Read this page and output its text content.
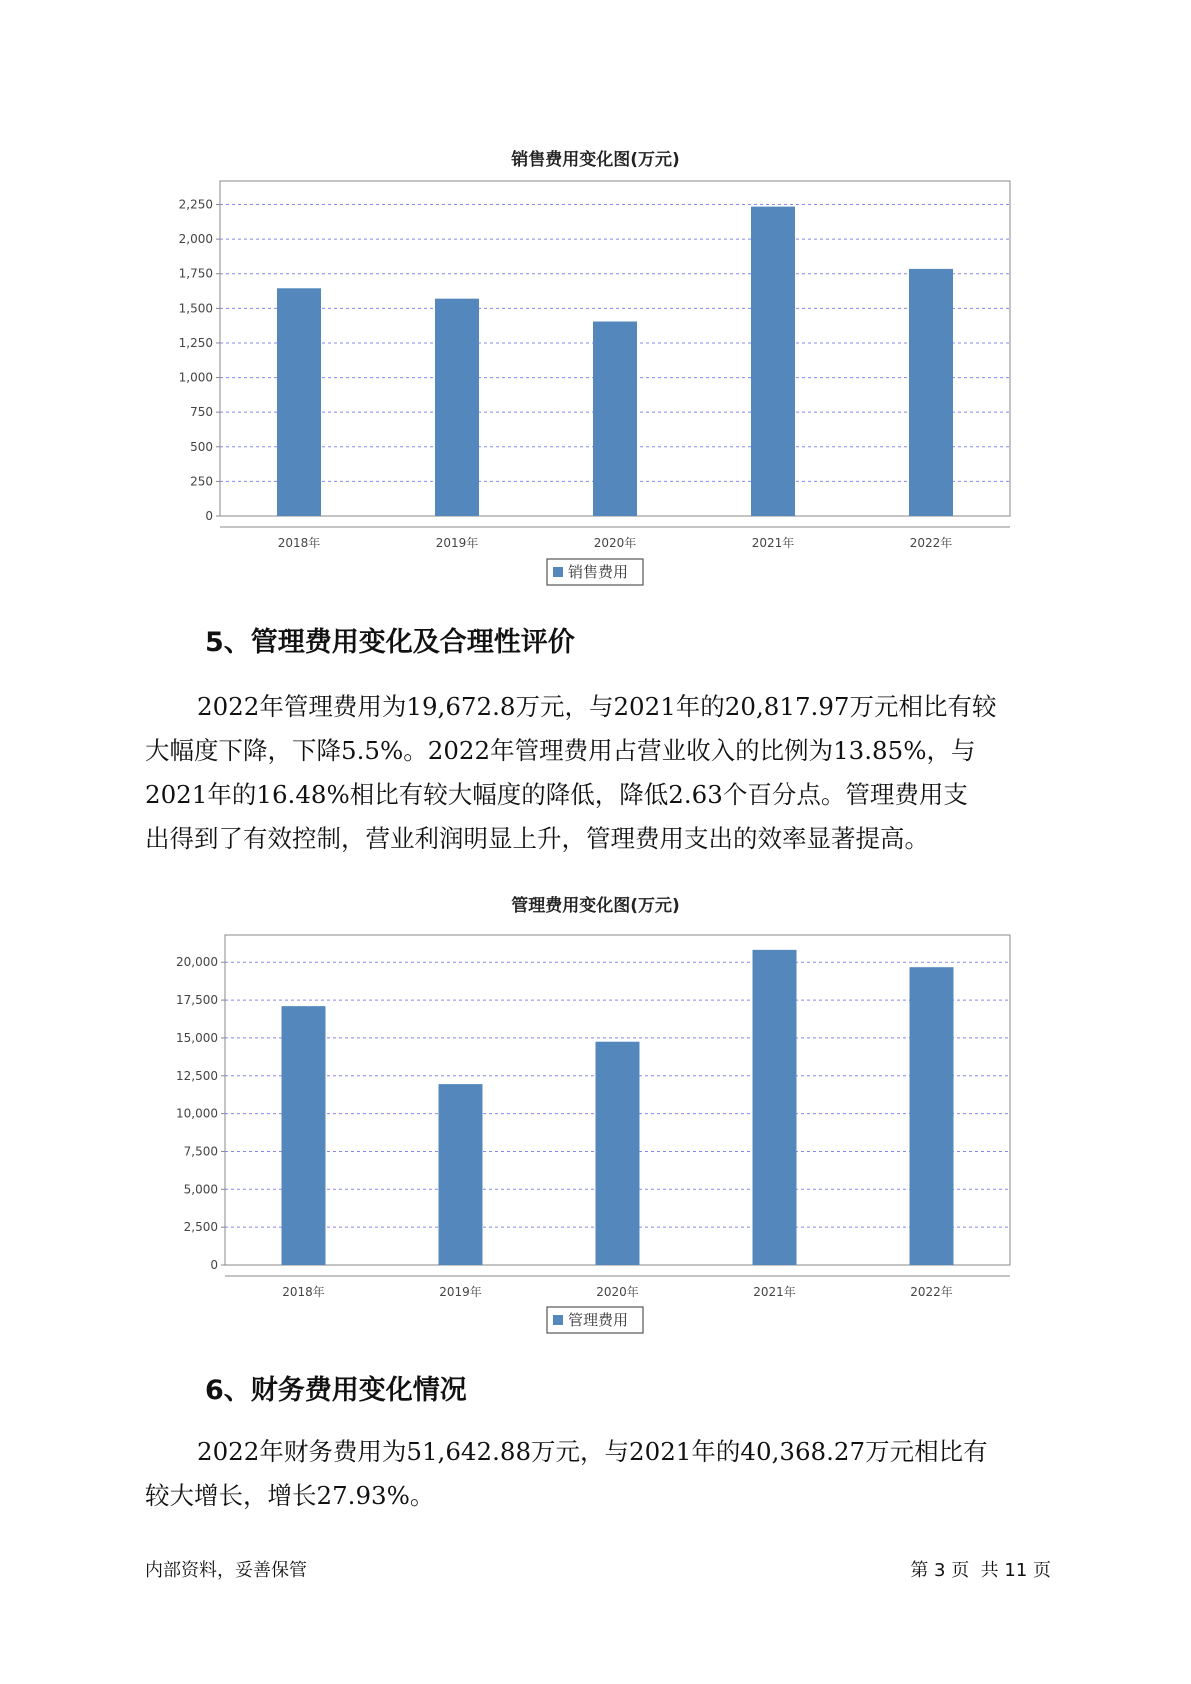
销售费用变化图(万元)
0
250
500
750
1,000
1,250
1,500
1,750
2,000
2,250
2018年	2019年	2020年	2021年	2022年
销售费用
5、管理费用变化及合理性评价

2022年管理费用为19,672.8万元，与2021年的20,817.97万元相比有较

大幅度下降，下降5.5%。2022年管理费用占营业收入的比例为13.85%，与

2021年的16.48%相比有较大幅度的降低，降低2.63个百分点。管理费用支

出得到了有效控制，营业利润明显上升，管理费用支出的效率显著提高。

管理费用变化图(万元)
0
2,500
5,000
7,500
10,000
12,500
15,000
17,500
20,000
2018年	2019年	2020年	2021年	2022年
管理费用
6、财务费用变化情况

2022年财务费用为51,642.88万元，与2021年的40,368.27万元相比有

较大增长，增长27.93%。

内部资料，妥善保管	第 3 页  共 11 页
